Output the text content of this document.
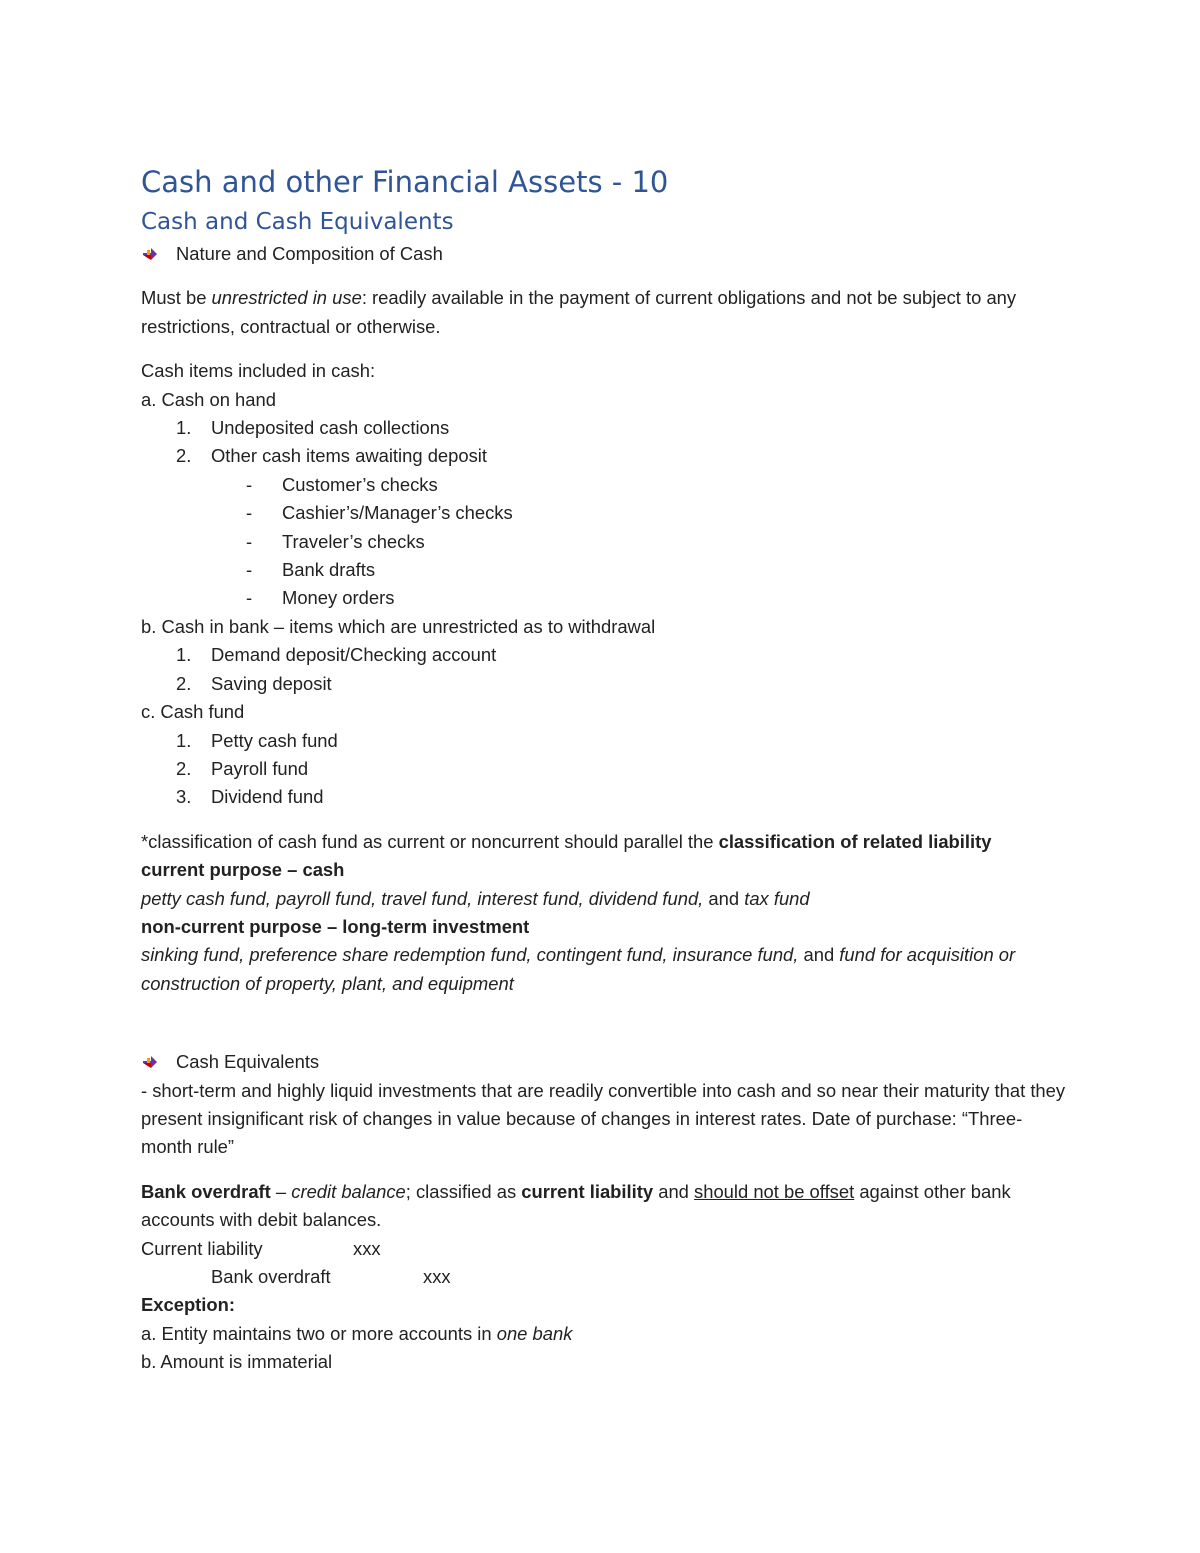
Cash and other Financial Assets - 10
Cash and Cash Equivalents
Nature and Composition of Cash
Must be unrestricted in use: readily available in the payment of current obligations and not be subject to any restrictions, contractual or otherwise.
Cash items included in cash:
a. Cash on hand
1. Undeposited cash collections
2. Other cash items awaiting deposit
- Customer’s checks
- Cashier’s/Manager’s checks
- Traveler’s checks
- Bank drafts
- Money orders
b. Cash in bank – items which are unrestricted as to withdrawal
1. Demand deposit/Checking account
2. Saving deposit
c. Cash fund
1. Petty cash fund
2. Payroll fund
3. Dividend fund
*classification of cash fund as current or noncurrent should parallel the classification of related liability
current purpose – cash
petty cash fund, payroll fund, travel fund, interest fund, dividend fund, and tax fund
non-current purpose – long-term investment
sinking fund, preference share redemption fund, contingent fund, insurance fund, and fund for acquisition or construction of property, plant, and equipment
Cash Equivalents
- short-term and highly liquid investments that are readily convertible into cash and so near their maturity that they present insignificant risk of changes in value because of changes in interest rates. Date of purchase: “Three-month rule”
Bank overdraft – credit balance; classified as current liability and should not be offset against other bank accounts with debit balances.
Current liability	xxx
Bank overdraft	xxx
Exception:
a. Entity maintains two or more accounts in one bank
b. Amount is immaterial
